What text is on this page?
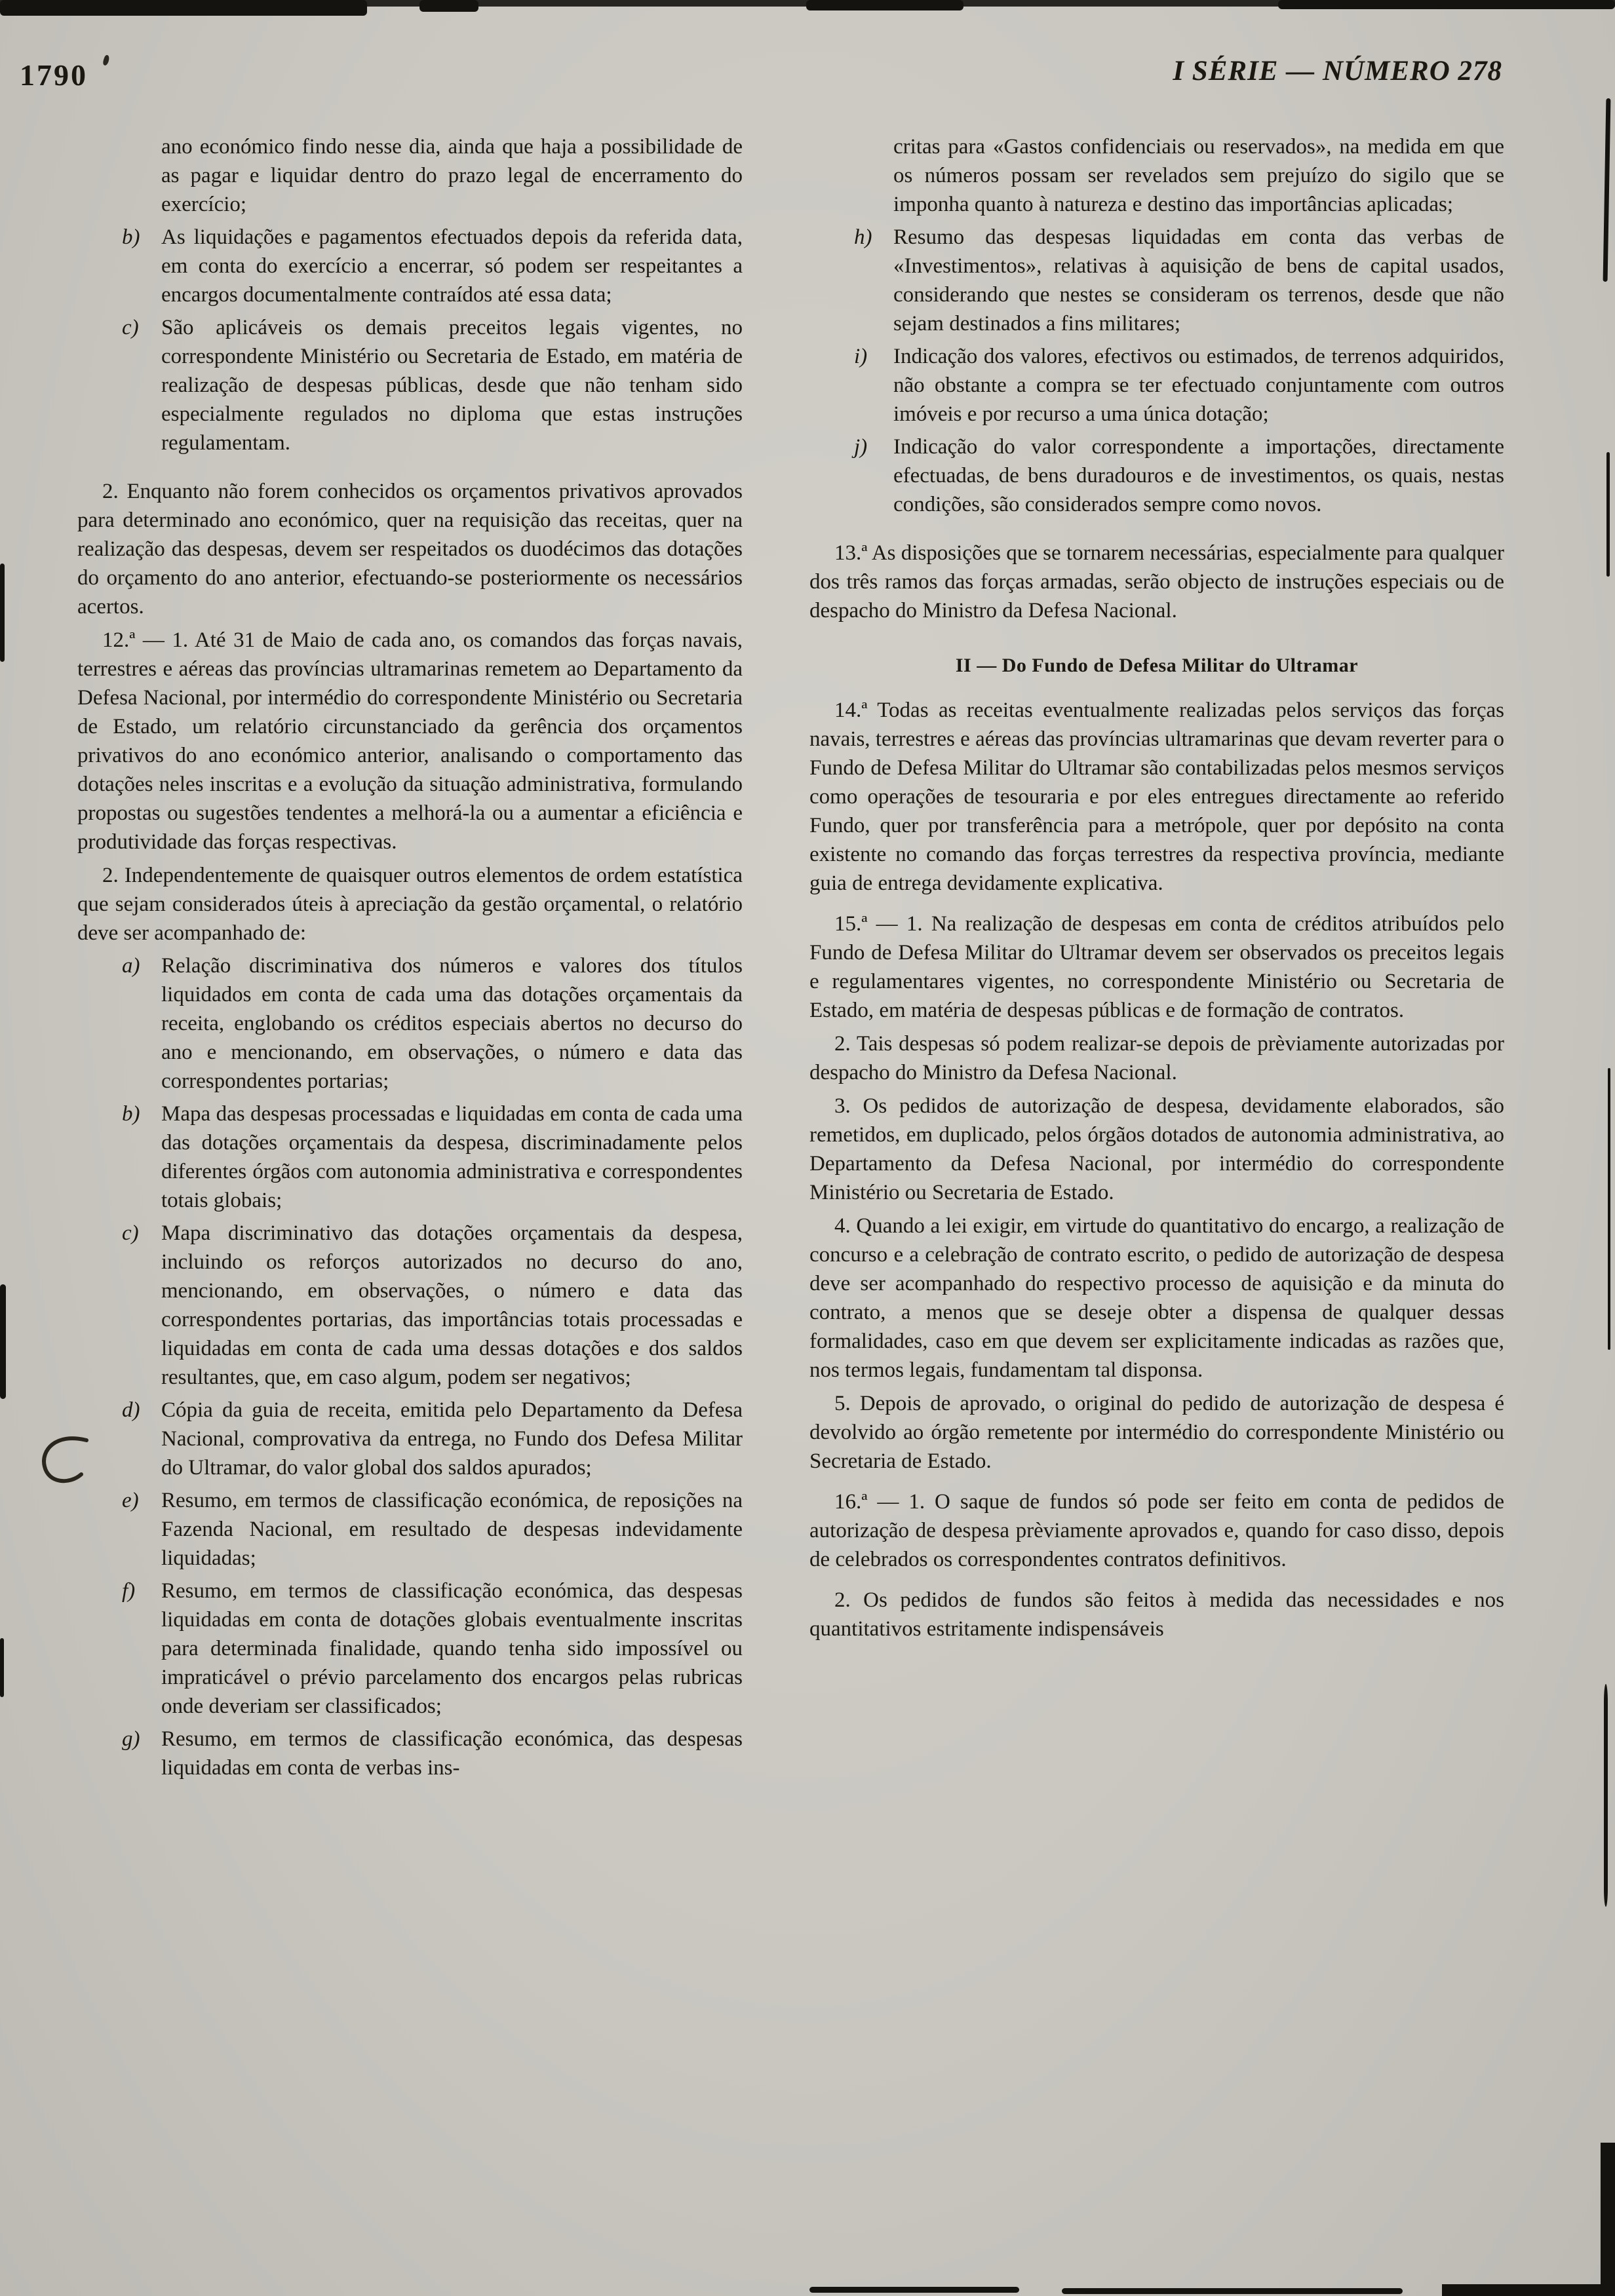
1790	I SÉRIE — NÚMERO 278

ano económico findo nesse dia, ainda que haja a possibilidade de as pagar e liquidar dentro do prazo legal de encerramento do exercício;

b) As liquidações e pagamentos efectuados depois da referida data, em conta do exercício a encerrar, só podem ser respeitantes a encargos documentalmente contraídos até essa data;

c) São aplicáveis os demais preceitos legais vigentes, no correspondente Ministério ou Secretaria de Estado, em matéria de realização de despesas públicas, desde que não tenham sido especialmente regulados no diploma que estas instruções regulamentam.

2. Enquanto não forem conhecidos os orçamentos privativos aprovados para determinado ano económico, quer na requisição das receitas, quer na realização das despesas, devem ser respeitados os duodécimos das dotações do orçamento do ano anterior, efectuando-se posteriormente os necessários acertos.

12.ª — 1. Até 31 de Maio de cada ano, os comandos das forças navais, terrestres e aéreas das províncias ultramarinas remetem ao Departamento da Defesa Nacional, por intermédio do correspondente Ministério ou Secretaria de Estado, um relatório circunstanciado da gerência dos orçamentos privativos do ano económico anterior, analisando o comportamento das dotações neles inscritas e a evolução da situação administrativa, formulando propostas ou sugestões tendentes a melhorá-la ou a aumentar a eficiência e produtividade das forças respectivas.

2. Independentemente de quaisquer outros elementos de ordem estatística que sejam considerados úteis à apreciação da gestão orçamental, o relatório deve ser acompanhado de:

a) Relação discriminativa dos números e valores dos títulos liquidados em conta de cada uma das dotações orçamentais da receita, englobando os créditos especiais abertos no decurso do ano e mencionando, em observações, o número e data das correspondentes portarias;

b) Mapa das despesas processadas e liquidadas em conta de cada uma das dotações orçamentais da despesa, discriminadamente pelos diferentes órgãos com autonomia administrativa e correspondentes totais globais;

c) Mapa discriminativo das dotações orçamentais da despesa, incluindo os reforços autorizados no decurso do ano, mencionando, em observações, o número e data das correspondentes portarias, das importâncias totais processadas e liquidadas em conta de cada uma dessas dotações e dos saldos resultantes, que, em caso algum, podem ser negativos;

d) Cópia da guia de receita, emitida pelo Departamento da Defesa Nacional, comprovativa da entrega, no Fundo dos Defesa Militar do Ultramar, do valor global dos saldos apurados;

e) Resumo, em termos de classificação económica, de reposições na Fazenda Nacional, em resultado de despesas indevidamente liquidadas;

f) Resumo, em termos de classificação económica, das despesas liquidadas em conta de dotações globais eventualmente inscritas para determinada finalidade, quando tenha sido impossível ou impraticável o prévio parcelamento dos encargos pelas rubricas onde deveriam ser classificados;

g) Resumo, em termos de classificação económica, das despesas liquidadas em conta de verbas ins-

critas para «Gastos confidenciais ou reservados», na medida em que os números possam ser revelados sem prejuízo do sigilo que se imponha quanto à natureza e destino das importâncias aplicadas;

h) Resumo das despesas liquidadas em conta das verbas de «Investimentos», relativas à aquisição de bens de capital usados, considerando que nestes se consideram os terrenos, desde que não sejam destinados a fins militares;

i) Indicação dos valores, efectivos ou estimados, de terrenos adquiridos, não obstante a compra se ter efectuado conjuntamente com outros imóveis e por recurso a uma única dotação;

j) Indicação do valor correspondente a importações, directamente efectuadas, de bens duradouros e de investimentos, os quais, nestas condições, são considerados sempre como novos.

13.ª As disposições que se tornarem necessárias, especialmente para qualquer dos três ramos das forças armadas, serão objecto de instruções especiais ou de despacho do Ministro da Defesa Nacional.

II — Do Fundo de Defesa Militar do Ultramar

14.ª Todas as receitas eventualmente realizadas pelos serviços das forças navais, terrestres e aéreas das províncias ultramarinas que devam reverter para o Fundo de Defesa Militar do Ultramar são contabilizadas pelos mesmos serviços como operações de tesouraria e por eles entregues directamente ao referido Fundo, quer por transferência para a metrópole, quer por depósito na conta existente no comando das forças terrestres da respectiva província, mediante guia de entrega devidamente explicativa.

15.ª — 1. Na realização de despesas em conta de créditos atribuídos pelo Fundo de Defesa Militar do Ultramar devem ser observados os preceitos legais e regulamentares vigentes, no correspondente Ministério ou Secretaria de Estado, em matéria de despesas públicas e de formação de contratos.

2. Tais despesas só podem realizar-se depois de prèviamente autorizadas por despacho do Ministro da Defesa Nacional.

3. Os pedidos de autorização de despesa, devidamente elaborados, são remetidos, em duplicado, pelos órgãos dotados de autonomia administrativa, ao Departamento da Defesa Nacional, por intermédio do correspondente Ministério ou Secretaria de Estado.

4. Quando a lei exigir, em virtude do quantitativo do encargo, a realização de concurso e a celebração de contrato escrito, o pedido de autorização de despesa deve ser acompanhado do respectivo processo de aquisição e da minuta do contrato, a menos que se deseje obter a dispensa de qualquer dessas formalidades, caso em que devem ser explicitamente indicadas as razões que, nos termos legais, fundamentam tal disponsa.

5. Depois de aprovado, o original do pedido de autorização de despesa é devolvido ao órgão remetente por intermédio do correspondente Ministério ou Secretaria de Estado.

16.ª — 1. O saque de fundos só pode ser feito em conta de pedidos de autorização de despesa prèviamente aprovados e, quando for caso disso, depois de celebrados os correspondentes contratos definitivos.

2. Os pedidos de fundos são feitos à medida das necessidades e nos quantitativos estritamente indispensáveis
